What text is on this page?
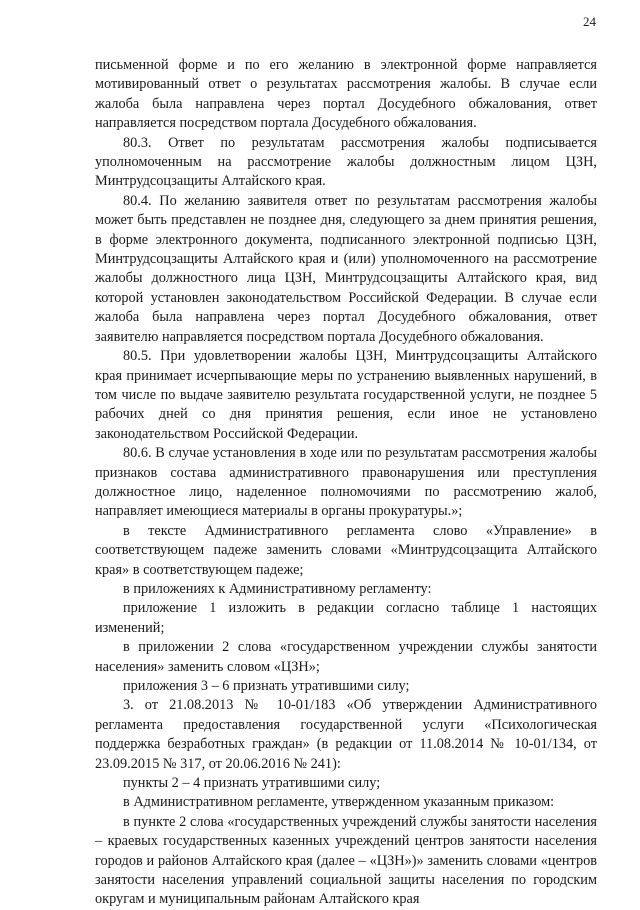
24

письменной форме и по его желанию в электронной форме направляется мотивированный ответ о результатах рассмотрения жалобы. В случае если жалоба была направлена через портал Досудебного обжалования, ответ направляется посредством портала Досудебного обжалования.

80.3. Ответ по результатам рассмотрения жалобы подписывается уполномоченным на рассмотрение жалобы должностным лицом ЦЗН, Минтрудсоцзащиты Алтайского края.

80.4. По желанию заявителя ответ по результатам рассмотрения жалобы может быть представлен не позднее дня, следующего за днем принятия решения, в форме электронного документа, подписанного электронной подписью ЦЗН, Минтрудсоцзащиты Алтайского края и (или) уполномоченного на рассмотрение жалобы должностного лица ЦЗН, Минтрудсоцзащиты Алтайского края, вид которой установлен законодательством Российской Федерации. В случае если жалоба была направлена через портал Досудебного обжалования, ответ заявителю направляется посредством портала Досудебного обжалования.

80.5. При удовлетворении жалобы ЦЗН, Минтрудсоцзащиты Алтайского края принимает исчерпывающие меры по устранению выявленных нарушений, в том числе по выдаче заявителю результата государственной услуги, не позднее 5 рабочих дней со дня принятия решения, если иное не установлено законодательством Российской Федерации.

80.6. В случае установления в ходе или по результатам рассмотрения жалобы признаков состава административного правонарушения или преступления должностное лицо, наделенное полномочиями по рассмотрению жалоб, направляет имеющиеся материалы в органы прокуратуры.»;

в тексте Административного регламента слово «Управление» в соответствующем падеже заменить словами «Минтрудсоцзащита Алтайского края» в соответствующем падеже;

в приложениях к Административному регламенту:

приложение 1 изложить в редакции согласно таблице 1 настоящих изменений;

в приложении 2 слова «государственном учреждении службы занятости населения» заменить словом «ЦЗН»;

приложения 3 – 6 признать утратившими силу;

3. от 21.08.2013 № 10-01/183 «Об утверждении Административного регламента предоставления государственной услуги «Психологическая поддержка безработных граждан» (в редакции от 11.08.2014 № 10-01/134, от 23.09.2015 № 317, от 20.06.2016 № 241):

пункты 2 – 4 признать утратившими силу;

в Административном регламенте, утвержденном указанным приказом:

в пункте 2 слова «государственных учреждений службы занятости населения – краевых государственных казенных учреждений центров занятости населения городов и районов Алтайского края (далее – «ЦЗН»)» заменить словами «центров занятости населения управлений социальной защиты населения по городским округам и муниципальным районам Алтайского края
